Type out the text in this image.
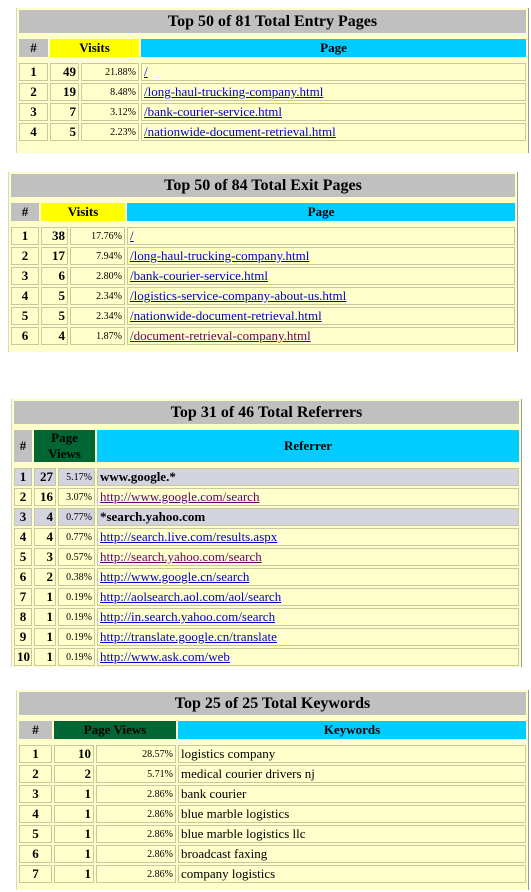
Top 50 of 81 Total Entry Pages			

#	Visits		Page

1	49	21.88%	/
2	19	8.48%	/long-haul-trucking-company.html
3	7	3.12%	/bank-courier-service.html
4	5	2.23%	/nationwide-document-retrieval.html
Top 50 of 84 Total Exit Pages			

#	Visits		Page

1	38	17.76%	/
2	17	7.94%	/long-haul-trucking-company.html
3	6	2.80%	/bank-courier-service.html
4	5	2.34%	/logistics-service-company-about-us.html
5	5	2.34%	/nationwide-document-retrieval.html
6	4	1.87%	/document-retrieval-company.html
Top 31 of 46 Total Referrers			

#	Page Views		Referrer

1	27	5.17%	www.google.*
2	16	3.07%	http://www.google.com/search
3	4	0.77%	*search.yahoo.com
4	4	0.77%	http://search.live.com/results.aspx
5	3	0.57%	http://search.yahoo.com/search
6	2	0.38%	http://www.google.cn/search
7	1	0.19%	http://aolsearch.aol.com/aol/search
8	1	0.19%	http://in.search.yahoo.com/search
9	1	0.19%	http://translate.google.cn/translate
10	1	0.19%	http://www.ask.com/web
Top 25 of 25 Total Keywords			

#	Page Views		Keywords

1	10	28.57%	logistics company
2	2	5.71%	medical courier drivers nj
3	1	2.86%	bank courier
4	1	2.86%	blue marble logistics
5	1	2.86%	blue marble logistics llc
6	1	2.86%	broadcast faxing
7	1	2.86%	company logistics
